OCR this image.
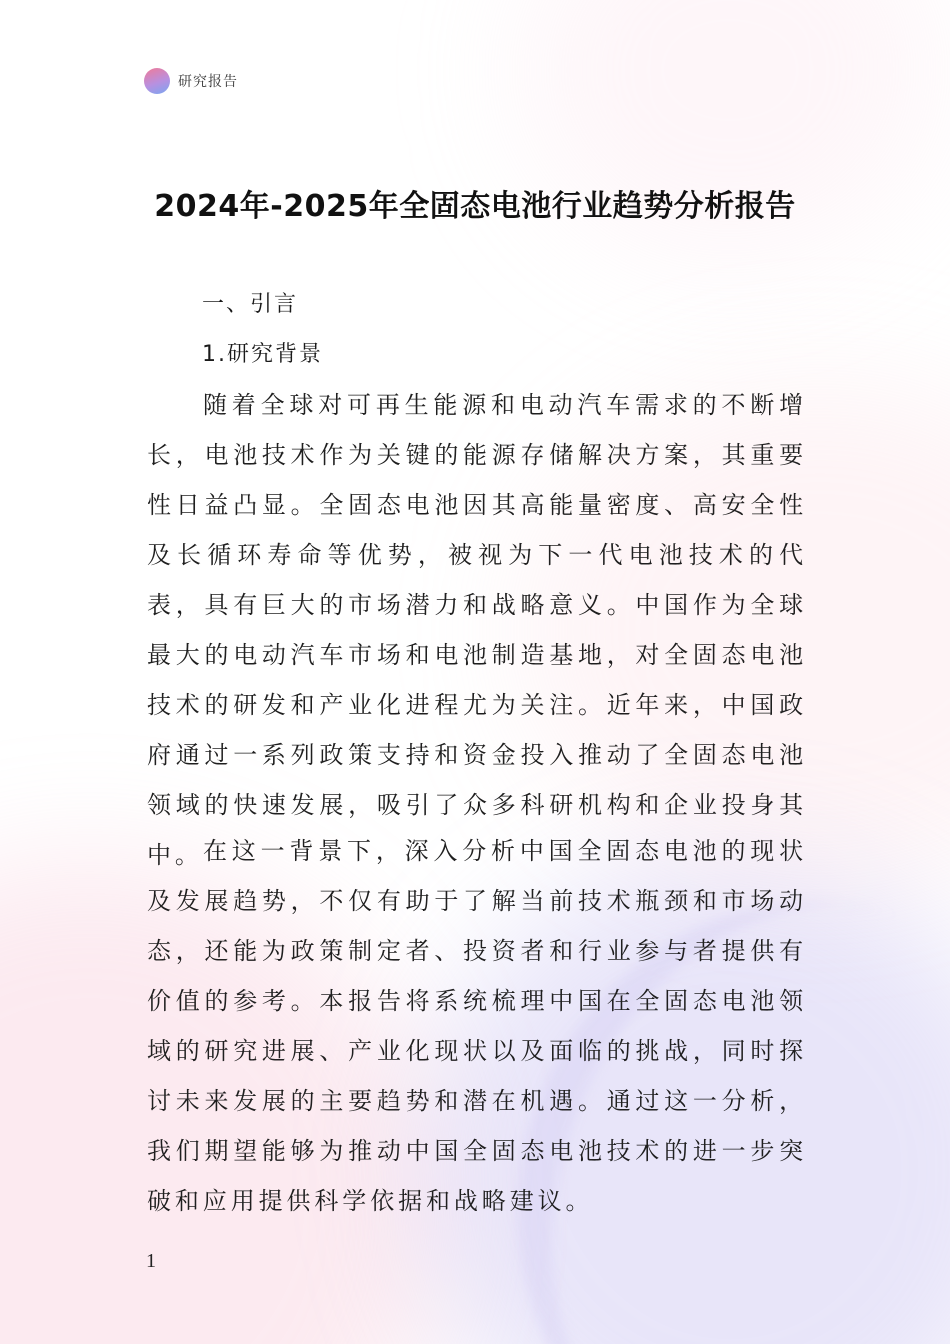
研究报告
2024年-2025年全固态电池行业趋势分析报告
一、引言
1.研究背景

随着全球对可再生能源和电动汽车需求的不断增长，电池技术作为关键的能源存储解决方案，其重要性日益凸显。全固态电池因其高能量密度、高安全性及长循环寿命等优势，被视为下一代电池技术的代表，具有巨大的市场潜力和战略意义。中国作为全球最大的电动汽车市场和电池制造基地，对全固态电池技术的研发和产业化进程尤为关注。近年来，中国政府通过一系列政策支持和资金投入推动了全固态电池领域的快速发展，吸引了众多科研机构和企业投身其中。 在这一背景下，深入分析中国全固态电池的现状及发展趋势，不仅有助于了解当前技术瓶颈和市场动态，还能为政策制定者、投资者和行业参与者提供有价值的参考。本报告将系统梳理中国在全固态电池领域的研究进展、产业化现状以及面临的挑战，同时探讨未来发展的主要趋势和潜在机遇。通过这一分析，我们期望能够为推动中国全固态电池技术的进一步突破和应用提供科学依据和战略建议。

1
